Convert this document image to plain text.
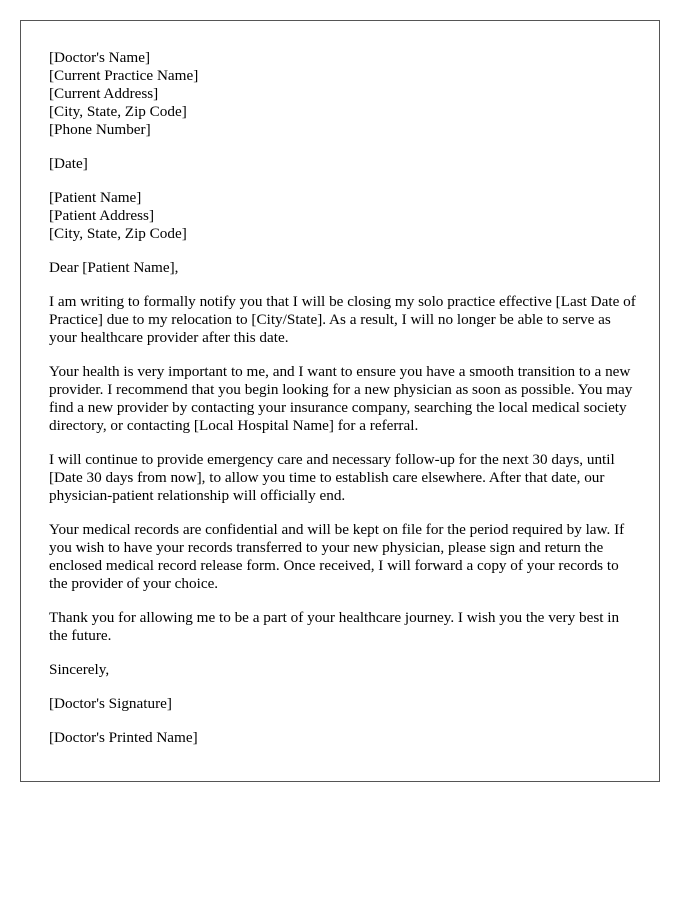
[Doctor's Name]
[Current Practice Name]
[Current Address]
[City, State, Zip Code]
[Phone Number]
[Date]
[Patient Name]
[Patient Address]
[City, State, Zip Code]

Dear [Patient Name],

I am writing to formally notify you that I will be closing my solo practice effective [Last Date of Practice] due to my relocation to [City/State]. As a result, I will no longer be able to serve as your healthcare provider after this date.

Your health is very important to me, and I want to ensure you have a smooth transition to a new provider. I recommend that you begin looking for a new physician as soon as possible. You may find a new provider by contacting your insurance company, searching the local medical society directory, or contacting [Local Hospital Name] for a referral.

I will continue to provide emergency care and necessary follow-up for the next 30 days, until [Date 30 days from now], to allow you time to establish care elsewhere. After that date, our physician-patient relationship will officially end.

Your medical records are confidential and will be kept on file for the period required by law. If you wish to have your records transferred to your new physician, please sign and return the enclosed medical record release form. Once received, I will forward a copy of your records to the provider of your choice.

Thank you for allowing me to be a part of your healthcare journey. I wish you the very best in the future.

Sincerely,

[Doctor's Signature]

[Doctor's Printed Name]
